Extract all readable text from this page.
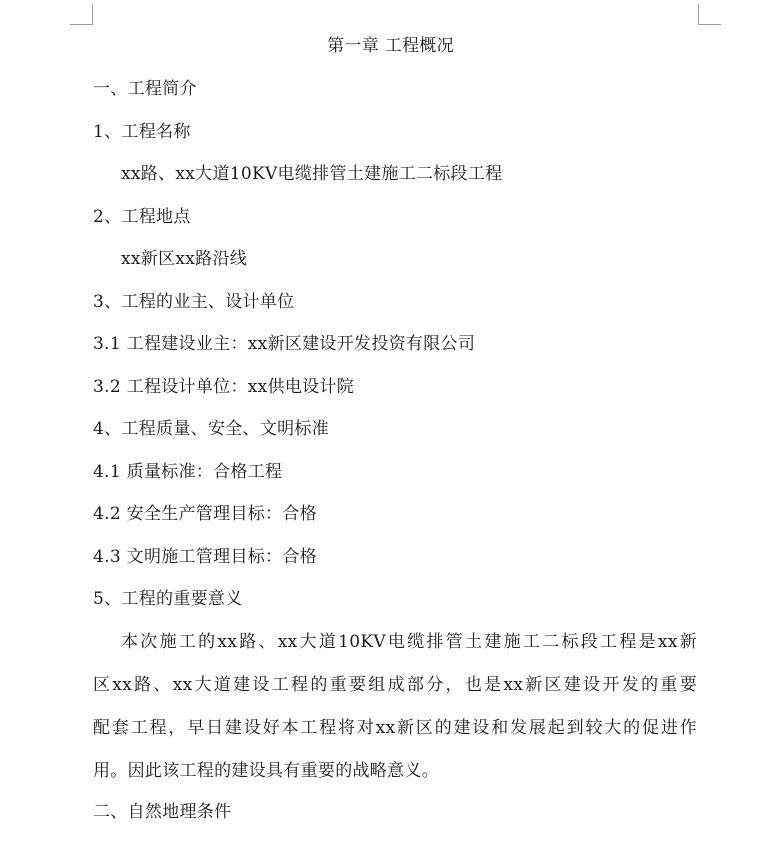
第一章 工程概况
一、工程简介
1、工程名称
xx路、xx大道10KV电缆排管土建施工二标段工程
2、工程地点
xx新区xx路沿线
3、工程的业主、设计单位
3.1 工程建设业主：xx新区建设开发投资有限公司
3.2 工程设计单位：xx供电设计院
4、工程质量、安全、文明标准
4.1 质量标准：合格工程
4.2 安全生产管理目标：合格
4.3 文明施工管理目标：合格
5、工程的重要意义
本次施工的xx路、xx大道10KV电缆排管土建施工二标段工程是xx新
区xx路、xx大道建设工程的重要组成部分，也是xx新区建设开发的重要
配套工程，早日建设好本工程将对xx新区的建设和发展起到较大的促进作
用。因此该工程的建设具有重要的战略意义。
二、自然地理条件
